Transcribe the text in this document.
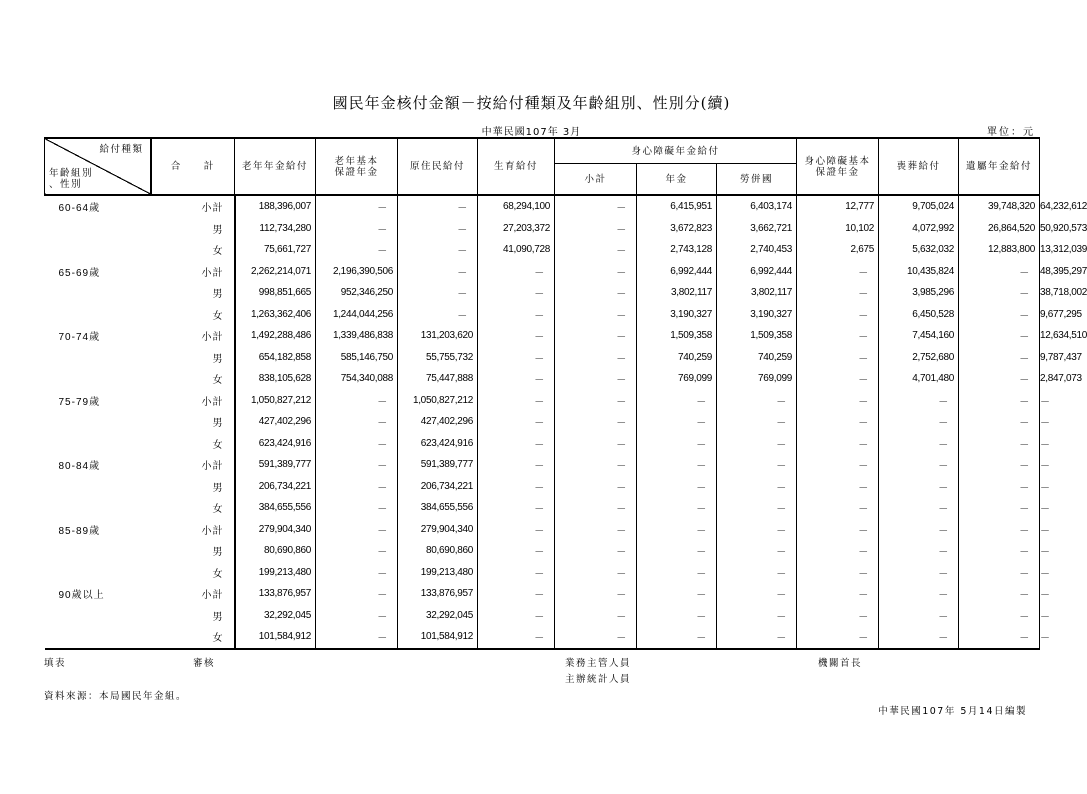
國民年金核付金額－按給付種類及年齡組別、性別分(續)
中華民國107年 3月	單位：元
給付種類
年齡組別
、性別	合　　計	老年年金給付	老年基本保證年金	原住民給付	生育給付	身心障礙年金給付			身心障礙基本保證年金	喪葬給付	遺屬年金給付	
						小計	年金	勞併國				
60-64歲	小計	188,396,007	－	－	68,294,100	－	6,415,951	6,403,174	12,777	9,705,024	39,748,320	64,232,612
	男	112,734,280	－	－	27,203,372	－	3,672,823	3,662,721	10,102	4,072,992	26,864,520	50,920,573
	女	75,661,727	－	－	41,090,728	－	2,743,128	2,740,453	2,675	5,632,032	12,883,800	13,312,039
65-69歲	小計	2,262,214,071	2,196,390,506	－	－	－	6,992,444	6,992,444	－	10,435,824	－	48,395,297
	男	998,851,665	952,346,250	－	－	－	3,802,117	3,802,117	－	3,985,296	－	38,718,002
	女	1,263,362,406	1,244,044,256	－	－	－	3,190,327	3,190,327	－	6,450,528	－	9,677,295
70-74歲	小計	1,492,288,486	1,339,486,838	131,203,620	－	－	1,509,358	1,509,358	－	7,454,160	－	12,634,510
	男	654,182,858	585,146,750	55,755,732	－	－	740,259	740,259	－	2,752,680	－	9,787,437
	女	838,105,628	754,340,088	75,447,888	－	－	769,099	769,099	－	4,701,480	－	2,847,073
75-79歲	小計	1,050,827,212	－	1,050,827,212	－	－	－	－	－	－	－	－
	男	427,402,296	－	427,402,296	－	－	－	－	－	－	－	－
	女	623,424,916	－	623,424,916	－	－	－	－	－	－	－	－
80-84歲	小計	591,389,777	－	591,389,777	－	－	－	－	－	－	－	－
	男	206,734,221	－	206,734,221	－	－	－	－	－	－	－	－
	女	384,655,556	－	384,655,556	－	－	－	－	－	－	－	－
85-89歲	小計	279,904,340	－	279,904,340	－	－	－	－	－	－	－	－
	男	80,690,860	－	80,690,860	－	－	－	－	－	－	－	－
	女	199,213,480	－	199,213,480	－	－	－	－	－	－	－	－
90歲以上	小計	133,876,957	－	133,876,957	－	－	－	－	－	－	－	－
	男	32,292,045	－	32,292,045	－	－	－	－	－	－	－	－
	女	101,584,912	－	101,584,912	－	－	－	－	－	－	－	－
填表	審核	業務主管人員
主辦統計人員
機關首長
資料來源：本局國民年金組。
中華民國107年 5月14日編製
